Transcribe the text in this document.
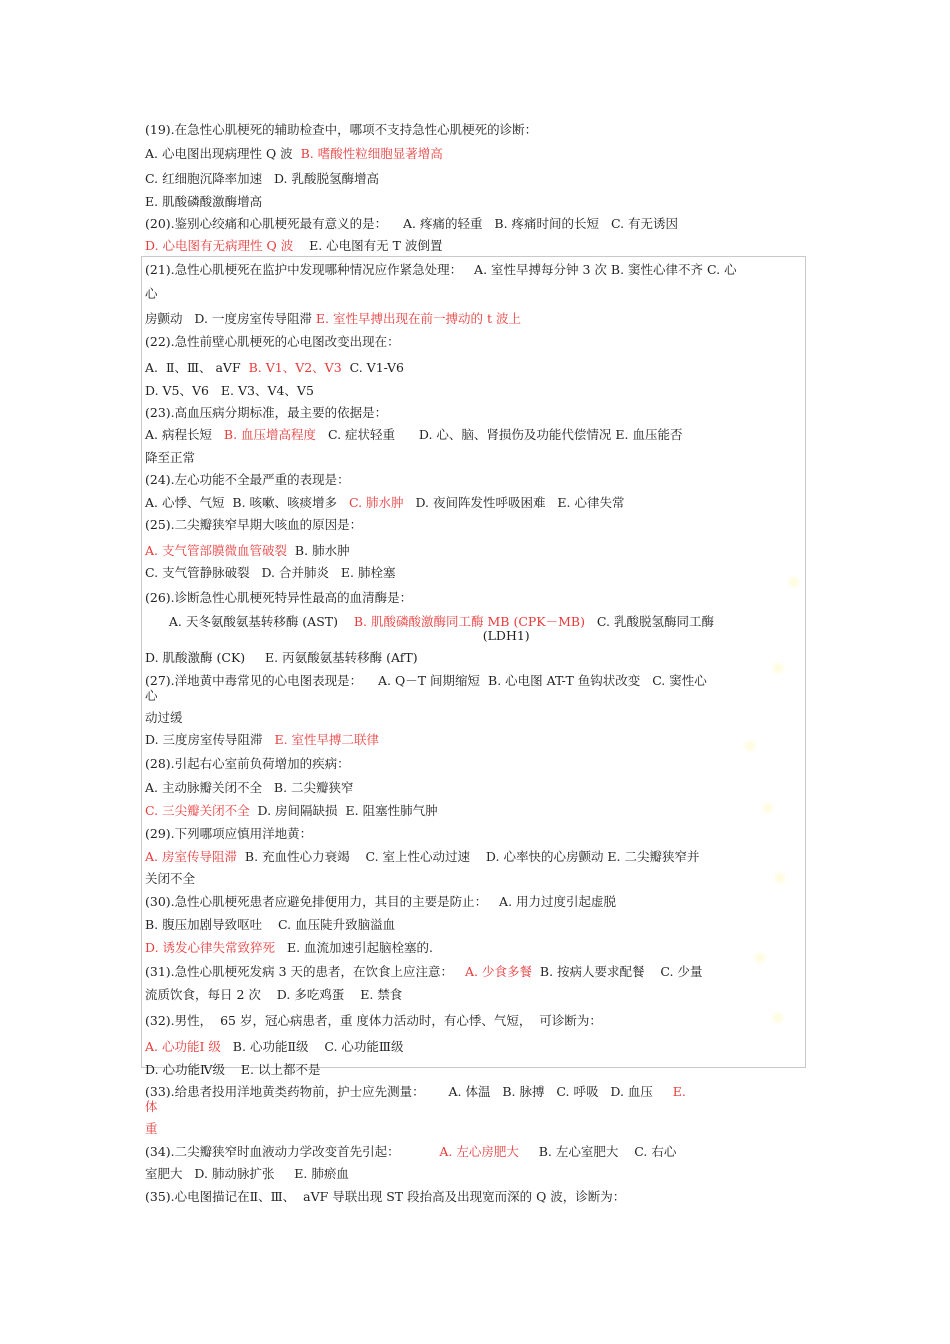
(19).在急性心肌梗死的辅助检查中，哪项不支持急性心肌梗死的诊断：
A. 心电图出现病理性 Q 波  B. 嗜酸性粒细胞显著增高
C. 红细胞沉降率加速   D. 乳酸脱氢酶增高
E. 肌酸磷酸激酶增高
(20).鉴别心绞痛和心肌梗死最有意义的是：    A. 疼痛的轻重   B. 疼痛时间的长短   C. 有无诱因
D. 心电图有无病理性 Q 波    E. 心电图有无 T 波倒置
(21).急性心肌梗死在监护中发现哪种情况应作紧急处理：   A. 室性早搏每分钟 3 次 B. 窦性心律不齐 C. 心
心
房颤动   D. 一度房室传导阻滞 E. 室性早搏出现在前一搏动的 t 波上
(22).急性前壁心肌梗死的心电图改变出现在：
A.  Ⅱ、Ⅲ、 aVF  B. V1、V2、V3  C. V1-V6
D. V5、V6   E. V3、V4、V5
(23).高血压病分期标准，最主要的依据是：
A. 病程长短   B. 血压增高程度   C. 症状轻重      D. 心、脑、肾损伤及功能代偿情况 E. 血压能否
降至正常
(24).左心功能不全最严重的表现是：
A. 心悸、气短  B. 咳嗽、咳痰增多   C. 肺水肿   D. 夜间阵发性呼吸困难   E. 心律失常
(25).二尖瓣狭窄早期大咳血的原因是：
A. 支气管部膜微血管破裂  B. 肺水肿
C. 支气管静脉破裂   D. 合并肺炎   E. 肺栓塞
(26).诊断急性心肌梗死特异性最高的血清酶是：
A. 天冬氨酸氨基转移酶 (AST)    B. 肌酸磷酸激酶同工酶 MB (CPK－MB)   C. 乳酸脱氢酶同工酶
(LDH1)
D. 肌酸激酶 (CK)     E. 丙氨酸氨基转移酶 (AfT)
(27).洋地黄中毒常见的心电图表现是：    A. Q－T 间期缩短  B. 心电图 AT-T 鱼钩状改变   C. 窦性心
心
动过缓
D. 三度房室传导阻滞   E. 室性早搏二联律
(28).引起右心室前负荷增加的疾病：
A. 主动脉瓣关闭不全   B. 二尖瓣狭窄
C. 三尖瓣关闭不全  D. 房间隔缺损  E. 阻塞性肺气肿
(29).下列哪项应慎用洋地黄：
A. 房室传导阻滞  B. 充血性心力衰竭    C. 室上性心动过速    D. 心率快的心房颤动 E. 二尖瓣狭窄并
关闭不全
(30).急性心肌梗死患者应避免排便用力，其目的主要是防止：   A. 用力过度引起虚脱
B. 腹压加剧导致呕吐    C. 血压陡升致脑溢血
D. 诱发心律失常致猝死   E. 血流加速引起脑栓塞的.
(31).急性心肌梗死发病 3 天的患者，在饮食上应注意：   A. 少食多餐  B. 按病人要求配餐    C. 少量
流质饮食，每日 2 次    D. 多吃鸡蛋    E. 禁食
(32).男性，  65 岁，冠心病患者，重 度体力活动时，有心悸、气短，  可诊断为：
A. 心功能Ⅰ 级   B. 心功能Ⅱ级    C. 心功能Ⅲ级
D. 心功能Ⅳ级    E. 以上都不是
(33).给患者投用洋地黄类药物前，护士应先测量：      A. 体温   B. 脉搏   C. 呼吸   D. 血压     E.
体
重
(34).二尖瓣狭窄时血液动力学改变首先引起：          A. 左心房肥大     B. 左心室肥大    C. 右心
室肥大   D. 肺动脉扩张     E. 肺瘀血
(35).心电图描记在Ⅱ、Ⅲ、  aVF 导联出现 ST 段抬高及出现宽而深的 Q 波，诊断为：
